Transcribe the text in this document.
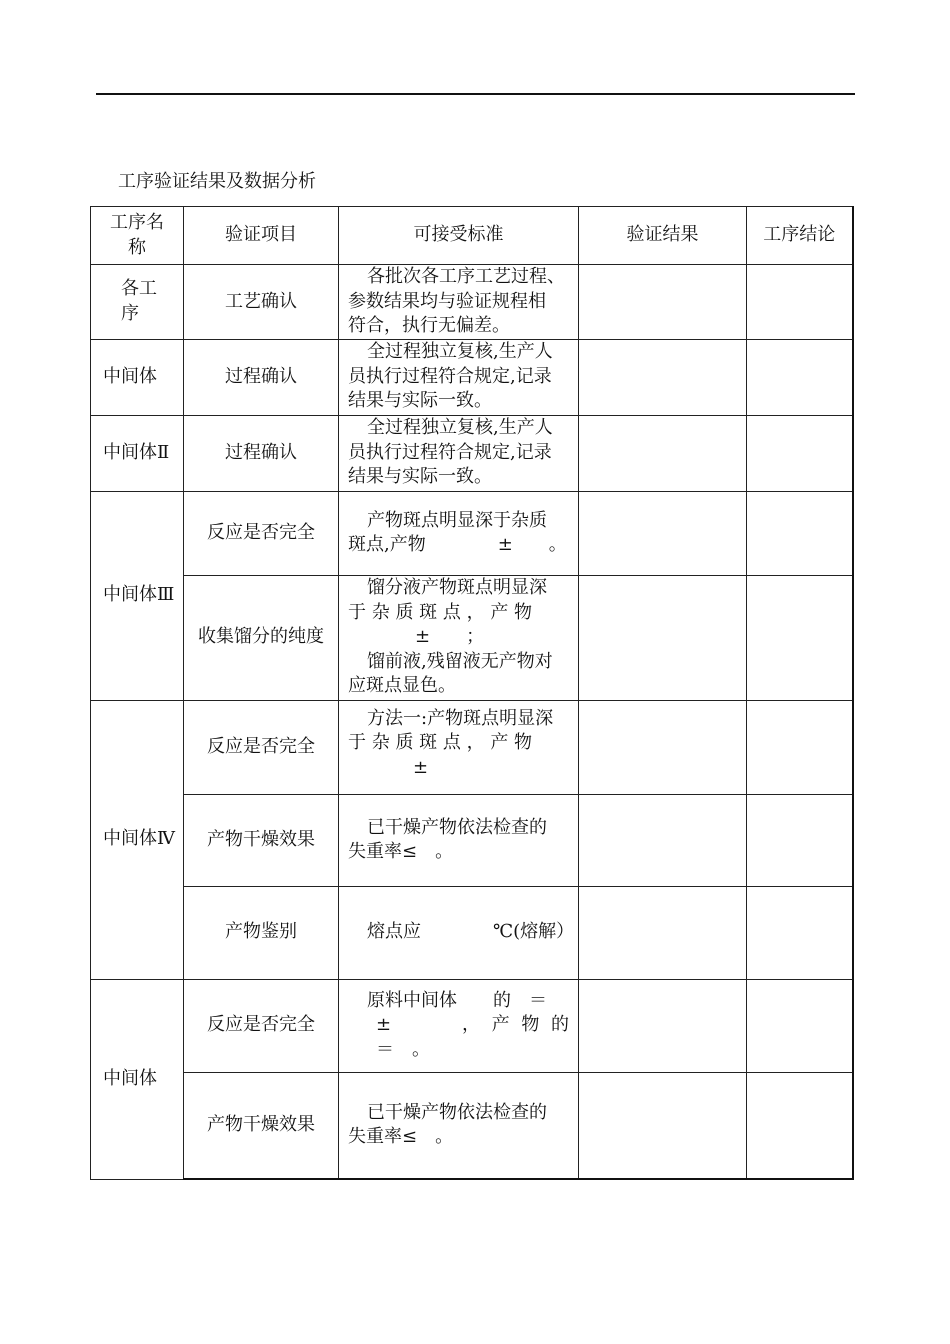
工序验证结果及数据分析
工序名称	验证项目	可接受标准	验证结果	工序结论
各工序	工艺确认	各批次各工序工艺过程、
参数结果均与验证规程相
符合，执行无偏差。		

中间体	过程确认	全过程独立复核,生产人
员执行过程符合规定,记录
结果与实际一致。		

中间体Ⅱ	过程确认	全过程独立复核,生产人
员执行过程符合规定,记录
结果与实际一致。		

中间体Ⅲ	反应是否完全	产物斑点明显深于杂质
斑点,产物　　　　±　　。		

	收集馏分的纯度	馏分液产物斑点明显深
于 杂 质 斑 点 ， 产 物
±　　；
馏前液,残留液无产物对
应斑点显色。		

中间体Ⅳ	反应是否完全	方法一:产物斑点明显深
于 杂 质 斑 点 ， 产 物
±		

	产物干燥效果	已干燥产物依法检查的
失重率≤　。		

	产物鉴别	熔点应　　　　℃(熔解）		

中间体	反应是否完全	原料中间体　　的　＝
±　　，产物的　＝　。		

	产物干燥效果	已干燥产物依法检查的
失重率≤　。		
